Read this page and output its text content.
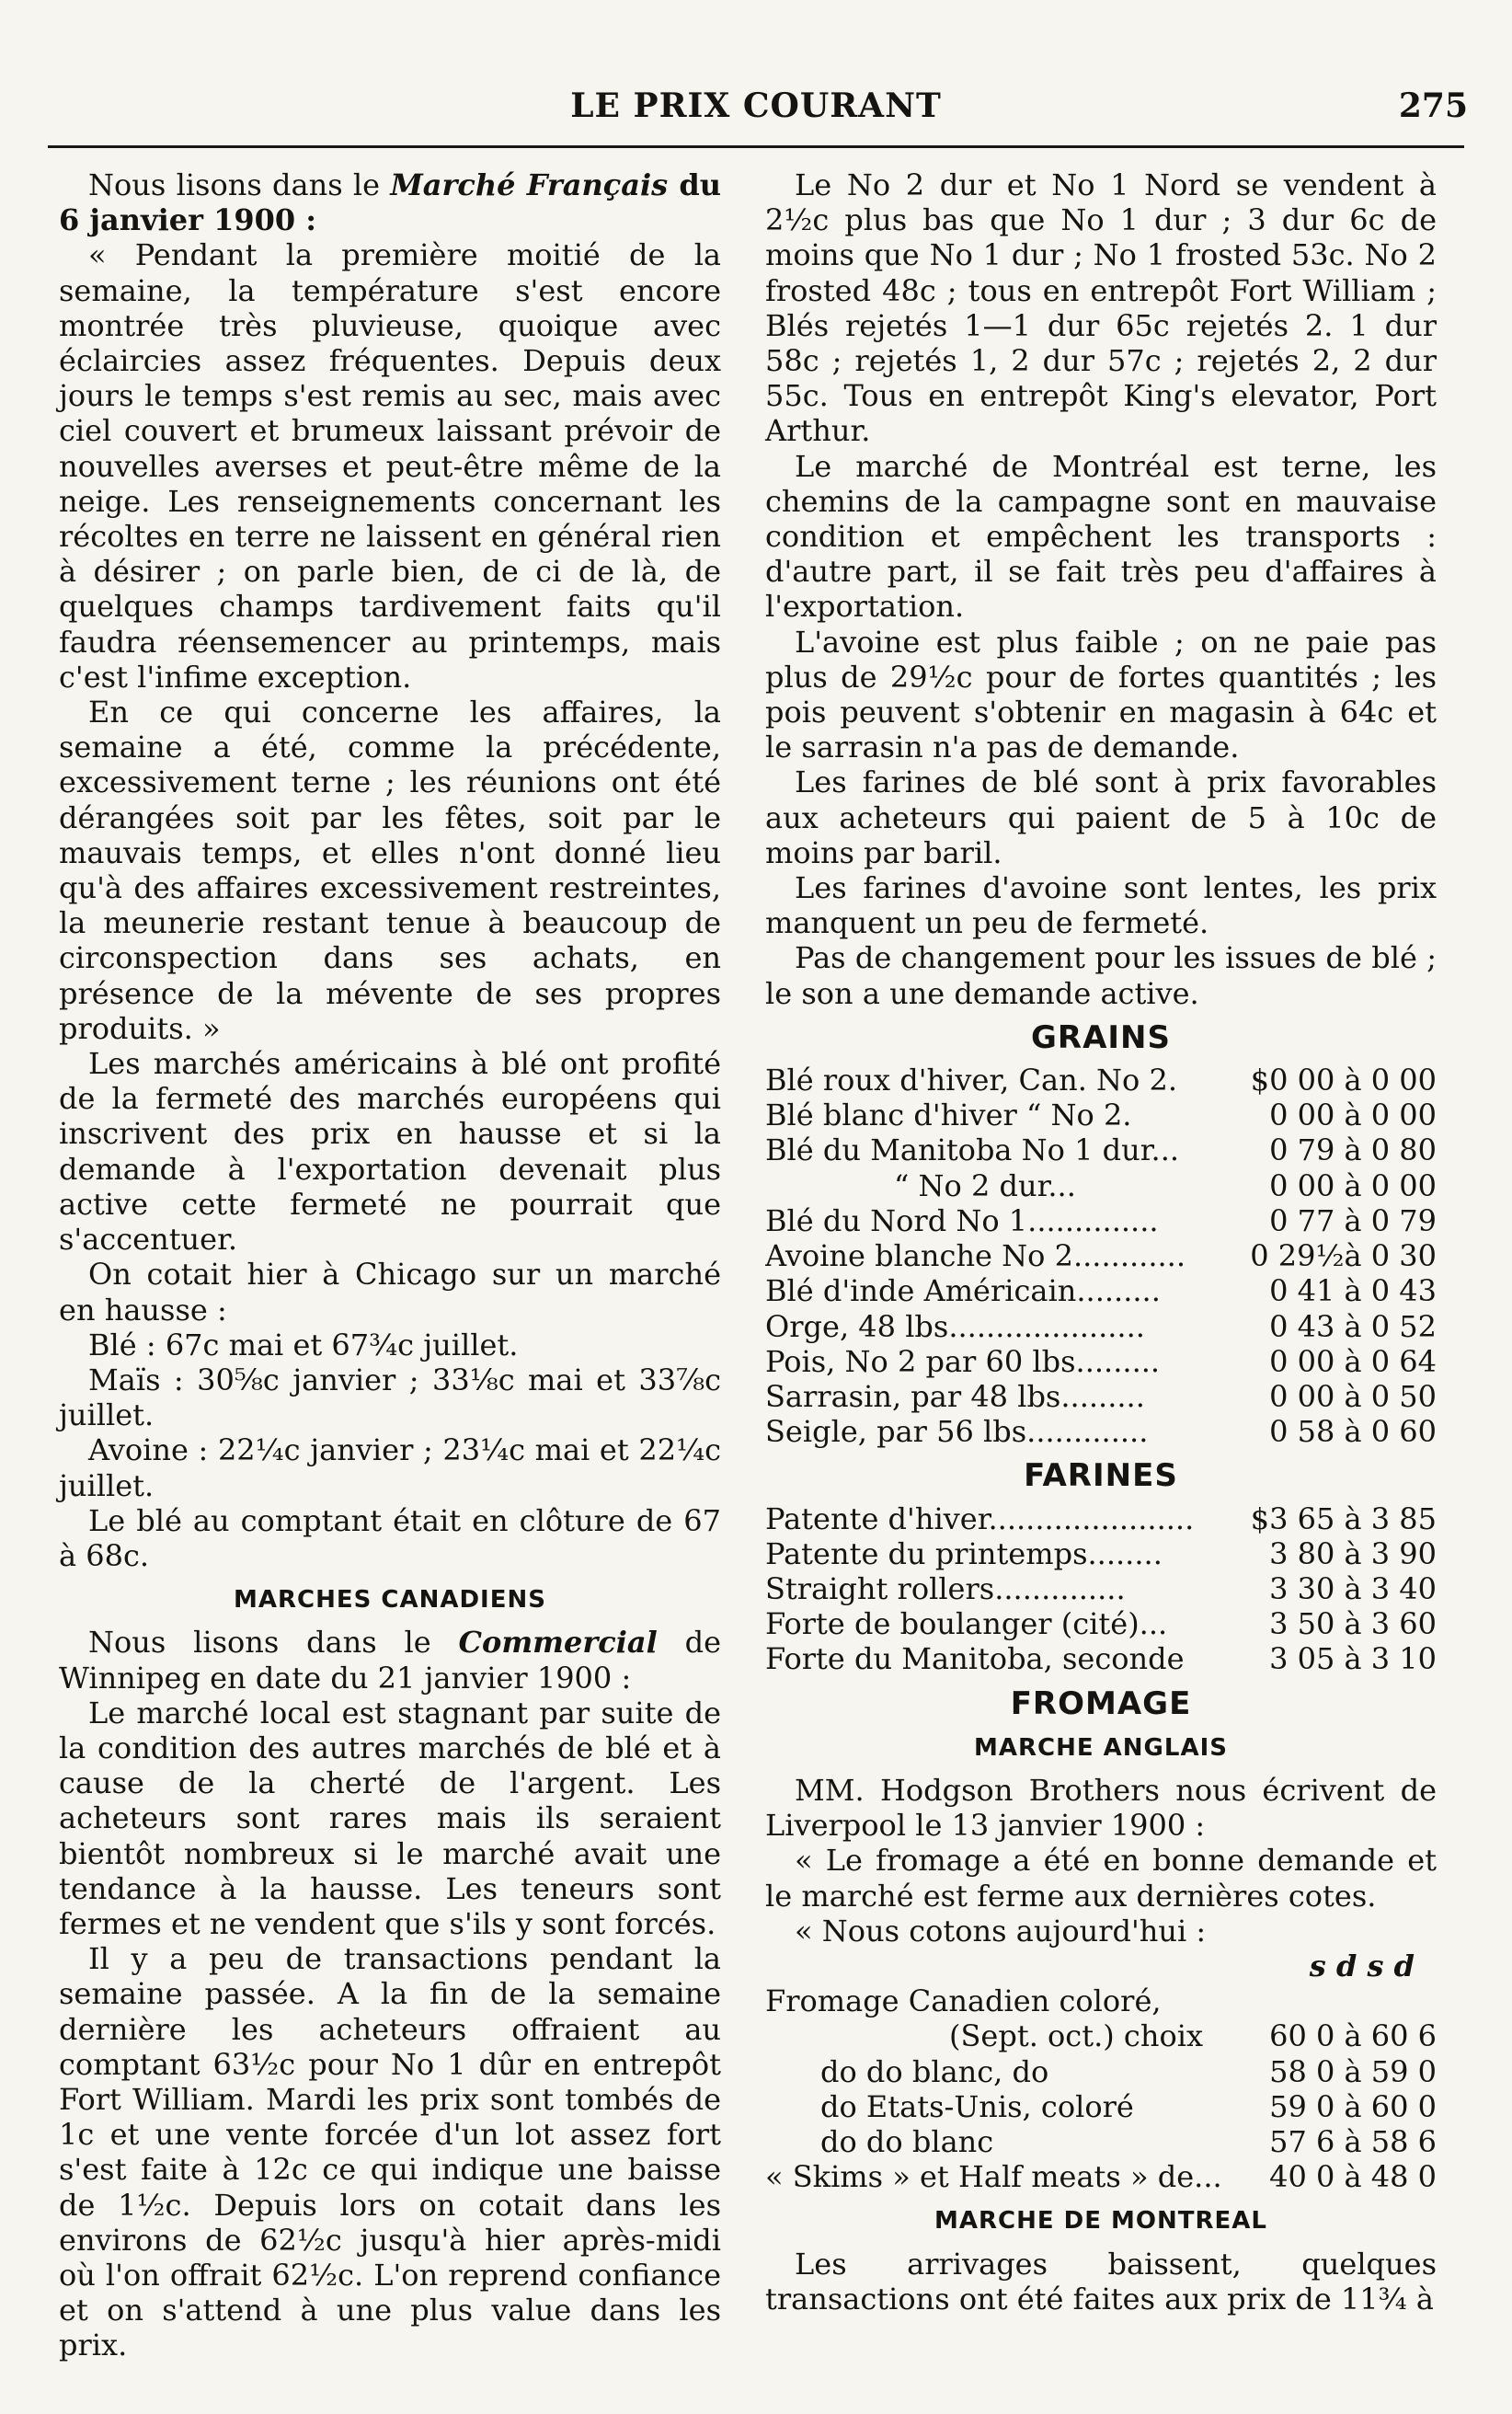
LE PRIX COURANT	275

Nous lisons dans le Marché Français du 6 janvier 1900 :

« Pendant la première moitié de la semaine, la température s'est encore montrée très pluvieuse, quoique avec éclaircies assez fréquentes. Depuis deux jours le temps s'est remis au sec, mais avec ciel couvert et brumeux laissant prévoir de nouvelles averses et peut-être même de la neige. Les renseignements concernant les récoltes en terre ne laissent en général rien à désirer ; on parle bien, de ci de là, de quelques champs tardivement faits qu'il faudra réensemencer au printemps, mais c'est l'infime exception.

En ce qui concerne les affaires, la semaine a été, comme la précédente, excessivement terne ; les réunions ont été dérangées soit par les fêtes, soit par le mauvais temps, et elles n'ont donné lieu qu'à des affaires excessivement restreintes, la meunerie restant tenue à beaucoup de circonspection dans ses achats, en présence de la mévente de ses propres produits. »

Les marchés américains à blé ont profité de la fermeté des marchés européens qui inscrivent des prix en hausse et si la demande à l'exportation devenait plus active cette fermeté ne pourrait que s'accentuer.

On cotait hier à Chicago sur un marché en hausse :

Blé : 67c mai et 67¾c juillet.

Maïs : 30⅝c janvier ; 33⅛c mai et 33⅞c juillet.

Avoine : 22¼c janvier ; 23¼c mai et 22¼c juillet.

Le blé au comptant était en clôture de 67 à 68c.

MARCHES CANADIENS

Nous lisons dans le Commercial de Winnipeg en date du 21 janvier 1900 :

Le marché local est stagnant par suite de la condition des autres marchés de blé et à cause de la cherté de l'argent. Les acheteurs sont rares mais ils seraient bientôt nombreux si le marché avait une tendance à la hausse. Les teneurs sont fermes et ne vendent que s'ils y sont forcés.

Il y a peu de transactions pendant la semaine passée. A la fin de la semaine dernière les acheteurs offraient au comptant 63½c pour No 1 dûr en entrepôt Fort William. Mardi les prix sont tombés de 1c et une vente forcée d'un lot assez fort s'est faite à 12c ce qui indique une baisse de 1½c. Depuis lors on cotait dans les environs de 62½c jusqu'à hier après-midi où l'on offrait 62½c. L'on reprend confiance et on s'attend à une plus value dans les prix.

Le No 2 dur et No 1 Nord se vendent à 2½c plus bas que No 1 dur ; 3 dur 6c de moins que No 1 dur ; No 1 frosted 53c. No 2 frosted 48c ; tous en entrepôt Fort William ; Blés rejetés 1—1 dur 65c rejetés 2. 1 dur 58c ; rejetés 1, 2 dur 57c ; rejetés 2, 2 dur 55c. Tous en entrepôt King's elevator, Port Arthur.

Le marché de Montréal est terne, les chemins de la campagne sont en mauvaise condition et empêchent les transports : d'autre part, il se fait très peu d'affaires à l'exportation.

L'avoine est plus faible ; on ne paie pas plus de 29½c pour de fortes quantités ; les pois peuvent s'obtenir en magasin à 64c et le sarrasin n'a pas de demande.

Les farines de blé sont à prix favorables aux acheteurs qui paient de 5 à 10c de moins par baril.

Les farines d'avoine sont lentes, les prix manquent un peu de fermeté.

Pas de changement pour les issues de blé ; le son a une demande active.

GRAINS
Blé roux d'hiver, Can. No 2.	$0 00 à 0 00
Blé blanc d'hiver “ No 2.	0 00 à 0 00
Blé du Manitoba No 1 dur...	0 79 à 0 80
“ No 2 dur...	0 00 à 0 00
Blé du Nord No 1..............	0 77 à 0 79
Avoine blanche No 2............	0 29½à 0 30
Blé d'inde Américain.........	0 41 à 0 43
Orge, 48 lbs.....................	0 43 à 0 52
Pois, No 2 par 60 lbs.........	0 00 à 0 64
Sarrasin, par 48 lbs.........	0 00 à 0 50
Seigle, par 56 lbs.............	0 58 à 0 60
FARINES
Patente d'hiver......................	$3 65 à 3 85
Patente du printemps........	3 80 à 3 90
Straight rollers..............	3 30 à 3 40
Forte de boulanger (cité)...	3 50 à 3 60
Forte du Manitoba, seconde	3 05 à 3 10
FROMAGE
MARCHE ANGLAIS

MM. Hodgson Brothers nous écrivent de Liverpool le 13 janvier 1900 :

« Le fromage a été en bonne demande et le marché est ferme aux dernières cotes.

« Nous cotons aujourd'hui :

s d s d
Fromage Canadien coloré,
(Sept. oct.) choix 60 0 à 60 6
do do blanc, do	58 0 à 59 0
do Etats-Unis, coloré	59 0 à 60 0
do do blanc	57 6 à 58 6
« Skims » et Half meats » de... 40 0 à 48 0
MARCHE DE MONTREAL

Les arrivages baissent, quelques transactions ont été faites aux prix de 11¾ à
